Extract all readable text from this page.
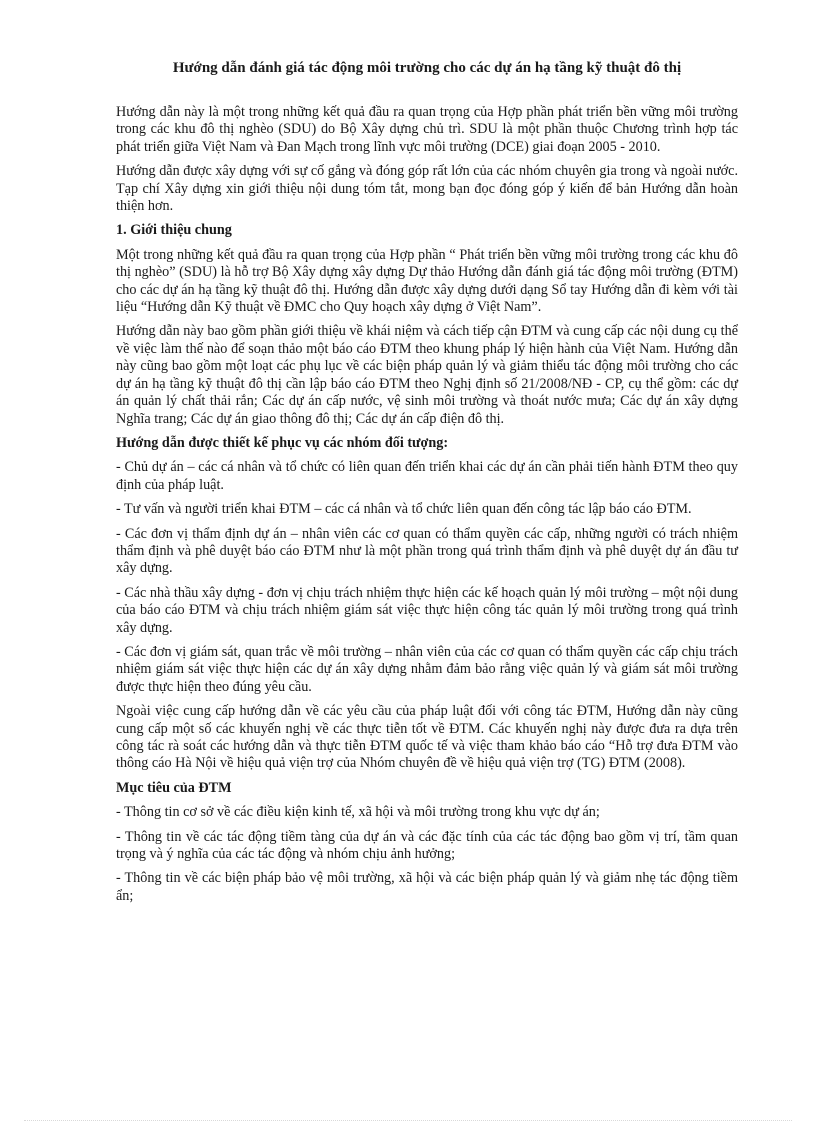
Hướng dẫn đánh giá tác động môi trường cho các dự án hạ tầng kỹ thuật đô thị

Hướng dẫn này là một trong những kết quả đầu ra quan trọng của Hợp phần phát triển bền vững môi trường trong các khu đô thị nghèo (SDU) do Bộ Xây dựng chủ trì. SDU là một phần thuộc Chương trình hợp tác phát triển giữa Việt Nam và Đan Mạch trong lĩnh vực môi trường (DCE) giai đoạn 2005 - 2010.

Hướng dẫn được xây dựng với sự cố gắng và đóng góp rất lớn của các nhóm chuyên gia trong và ngoài nước. Tạp chí Xây dựng xin giới thiệu nội dung tóm tắt, mong bạn đọc đóng góp ý kiến để bản Hướng dẫn hoàn thiện hơn.

1. Giới thiệu chung

Một trong những kết quả đầu ra quan trọng của Hợp phần “ Phát triển bền vững môi trường trong các khu đô thị nghèo” (SDU) là hỗ trợ Bộ Xây dựng xây dựng Dự thảo Hướng dẫn đánh giá tác động môi trường (ĐTM) cho các dự án hạ tầng kỹ thuật đô thị. Hướng dẫn được xây dựng dưới dạng Sổ tay Hướng dẫn đi kèm với tài liệu “Hướng dẫn Kỹ thuật về ĐMC cho Quy hoạch xây dựng ở Việt Nam”.

Hướng dẫn này bao gồm phần giới thiệu về khái niệm và cách tiếp cận ĐTM và cung cấp các nội dung cụ thể về việc làm thế nào để soạn thảo một báo cáo ĐTM theo khung pháp lý hiện hành của Việt Nam. Hướng dẫn này cũng bao gồm một loạt các phụ lục về các biện pháp quản lý và giảm thiểu tác động môi trường cho các dự án hạ tầng kỹ thuật đô thị cần lập báo cáo ĐTM theo Nghị định số 21/2008/NĐ - CP, cụ thể gồm: các dự án quản lý chất thải rắn; Các dự án cấp nước, vệ sinh môi trường và thoát nước mưa; Các dự án xây dựng Nghĩa trang; Các dự án giao thông đô thị; Các dự án cấp điện đô thị.

Hướng dẫn được thiết kế phục vụ các nhóm đối tượng:

- Chủ dự án – các cá nhân và tổ chức có liên quan đến triển khai các dự án cần phải tiến hành ĐTM theo quy định của pháp luật.

- Tư vấn và người triển khai ĐTM – các cá nhân và tổ chức liên quan đến công tác lập báo cáo ĐTM.

- Các đơn vị thẩm định dự án – nhân viên các cơ quan có thẩm quyền các cấp, những người có trách nhiệm thẩm định và phê duyệt báo cáo ĐTM như là một phần trong quá trình thẩm định và phê duyệt dự án đầu tư xây dựng.

- Các nhà thầu xây dựng - đơn vị chịu trách nhiệm thực hiện các kế hoạch quản lý môi trường – một nội dung của báo cáo ĐTM và chịu trách nhiệm giám sát việc thực hiện công tác quản lý môi trường trong quá trình xây dựng.

- Các đơn vị giám sát, quan trắc về môi trường – nhân viên của các cơ quan có thẩm quyền các cấp chịu trách nhiệm giám sát việc thực hiện các dự án xây dựng nhằm đảm bảo rằng việc quản lý và giám sát môi trường được thực hiện theo đúng yêu cầu.

Ngoài việc cung cấp hướng dẫn về các yêu cầu của pháp luật đối với công tác ĐTM, Hướng dẫn này cũng cung cấp một số các khuyến nghị về các thực tiễn tốt về ĐTM. Các khuyến nghị này được đưa ra dựa trên công tác rà soát các hướng dẫn và thực tiễn ĐTM quốc tế và việc tham khảo báo cáo “Hỗ trợ đưa ĐTM vào thông cáo Hà Nội về hiệu quả viện trợ của Nhóm chuyên đề về hiệu quả viện trợ (TG) ĐTM (2008).

Mục tiêu của ĐTM

- Thông tin cơ sở về các điều kiện kinh tế, xã hội và môi trường trong khu vực dự án;

- Thông tin về các tác động tiềm tàng của dự án và các đặc tính của các tác động bao gồm vị trí, tầm quan trọng và ý nghĩa của các tác động và nhóm chịu ảnh hưởng;

- Thông tin về các biện pháp bảo vệ môi trường, xã hội và các biện pháp quản lý và giảm nhẹ tác động tiềm ẩn;
